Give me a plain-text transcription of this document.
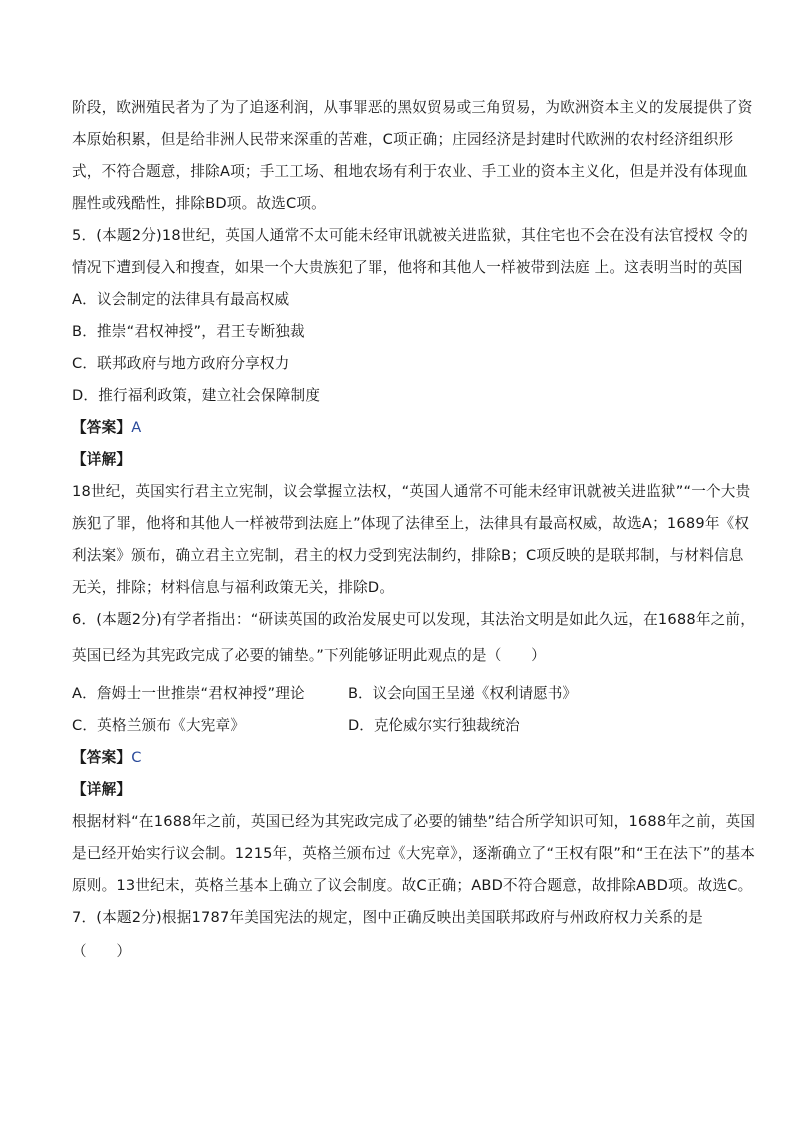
阶段，欧洲殖民者为了为了追逐利润，从事罪恶的黑奴贸易或三角贸易，为欧洲资本主义的发展提供了资
本原始积累，但是给非洲人民带来深重的苦难，C项正确；庄园经济是封建时代欧洲的农村经济组织形
式，不符合题意，排除A项；手工工场、租地农场有利于农业、手工业的资本主义化，但是并没有体现血
腥性或残酷性，排除BD项。故选C项。
5．(本题2分)18世纪，英国人通常不太可能未经审讯就被关进监狱，其住宅也不会在没有法官授权 令的
情况下遭到侵入和搜查，如果一个大贵族犯了罪，他将和其他人一样被带到法庭 上。这表明当时的英国
A．议会制定的法律具有最高权威
B．推崇“君权神授”，君王专断独裁
C．联邦政府与地方政府分享权力
D．推行福利政策，建立社会保障制度
【答案】A
【详解】
18世纪，英国实行君主立宪制，议会掌握立法权，“英国人通常不可能未经审讯就被关进监狱”“一个大贵
族犯了罪，他将和其他人一样被带到法庭上”体现了法律至上，法律具有最高权威，故选A；1689年《权
利法案》颁布，确立君主立宪制，君主的权力受到宪法制约，排除B；C项反映的是联邦制，与材料信息
无关，排除；材料信息与福利政策无关，排除D。
6．(本题2分)有学者指出：“研读英国的政治发展史可以发现，其法治文明是如此久远，在1688年之前，
英国已经为其宪政完成了必要的铺垫。”下列能够证明此观点的是（　　）
A．詹姆士一世推崇“君权神授”理论	B．议会向国王呈递《权利请愿书》
C．英格兰颁布《大宪章》	D．克伦威尔实行独裁统治
【答案】C
【详解】
根据材料“在1688年之前，英国已经为其宪政完成了必要的铺垫”结合所学知识可知，1688年之前，英国
是已经开始实行议会制。1215年，英格兰颁布过《大宪章》，逐渐确立了“王权有限”和“王在法下”的基本
原则。13世纪末，英格兰基本上确立了议会制度。故C正确；ABD不符合题意，故排除ABD项。故选C。
7．(本题2分)根据1787年美国宪法的规定，图中正确反映出美国联邦政府与州政府权力关系的是
（　　）
